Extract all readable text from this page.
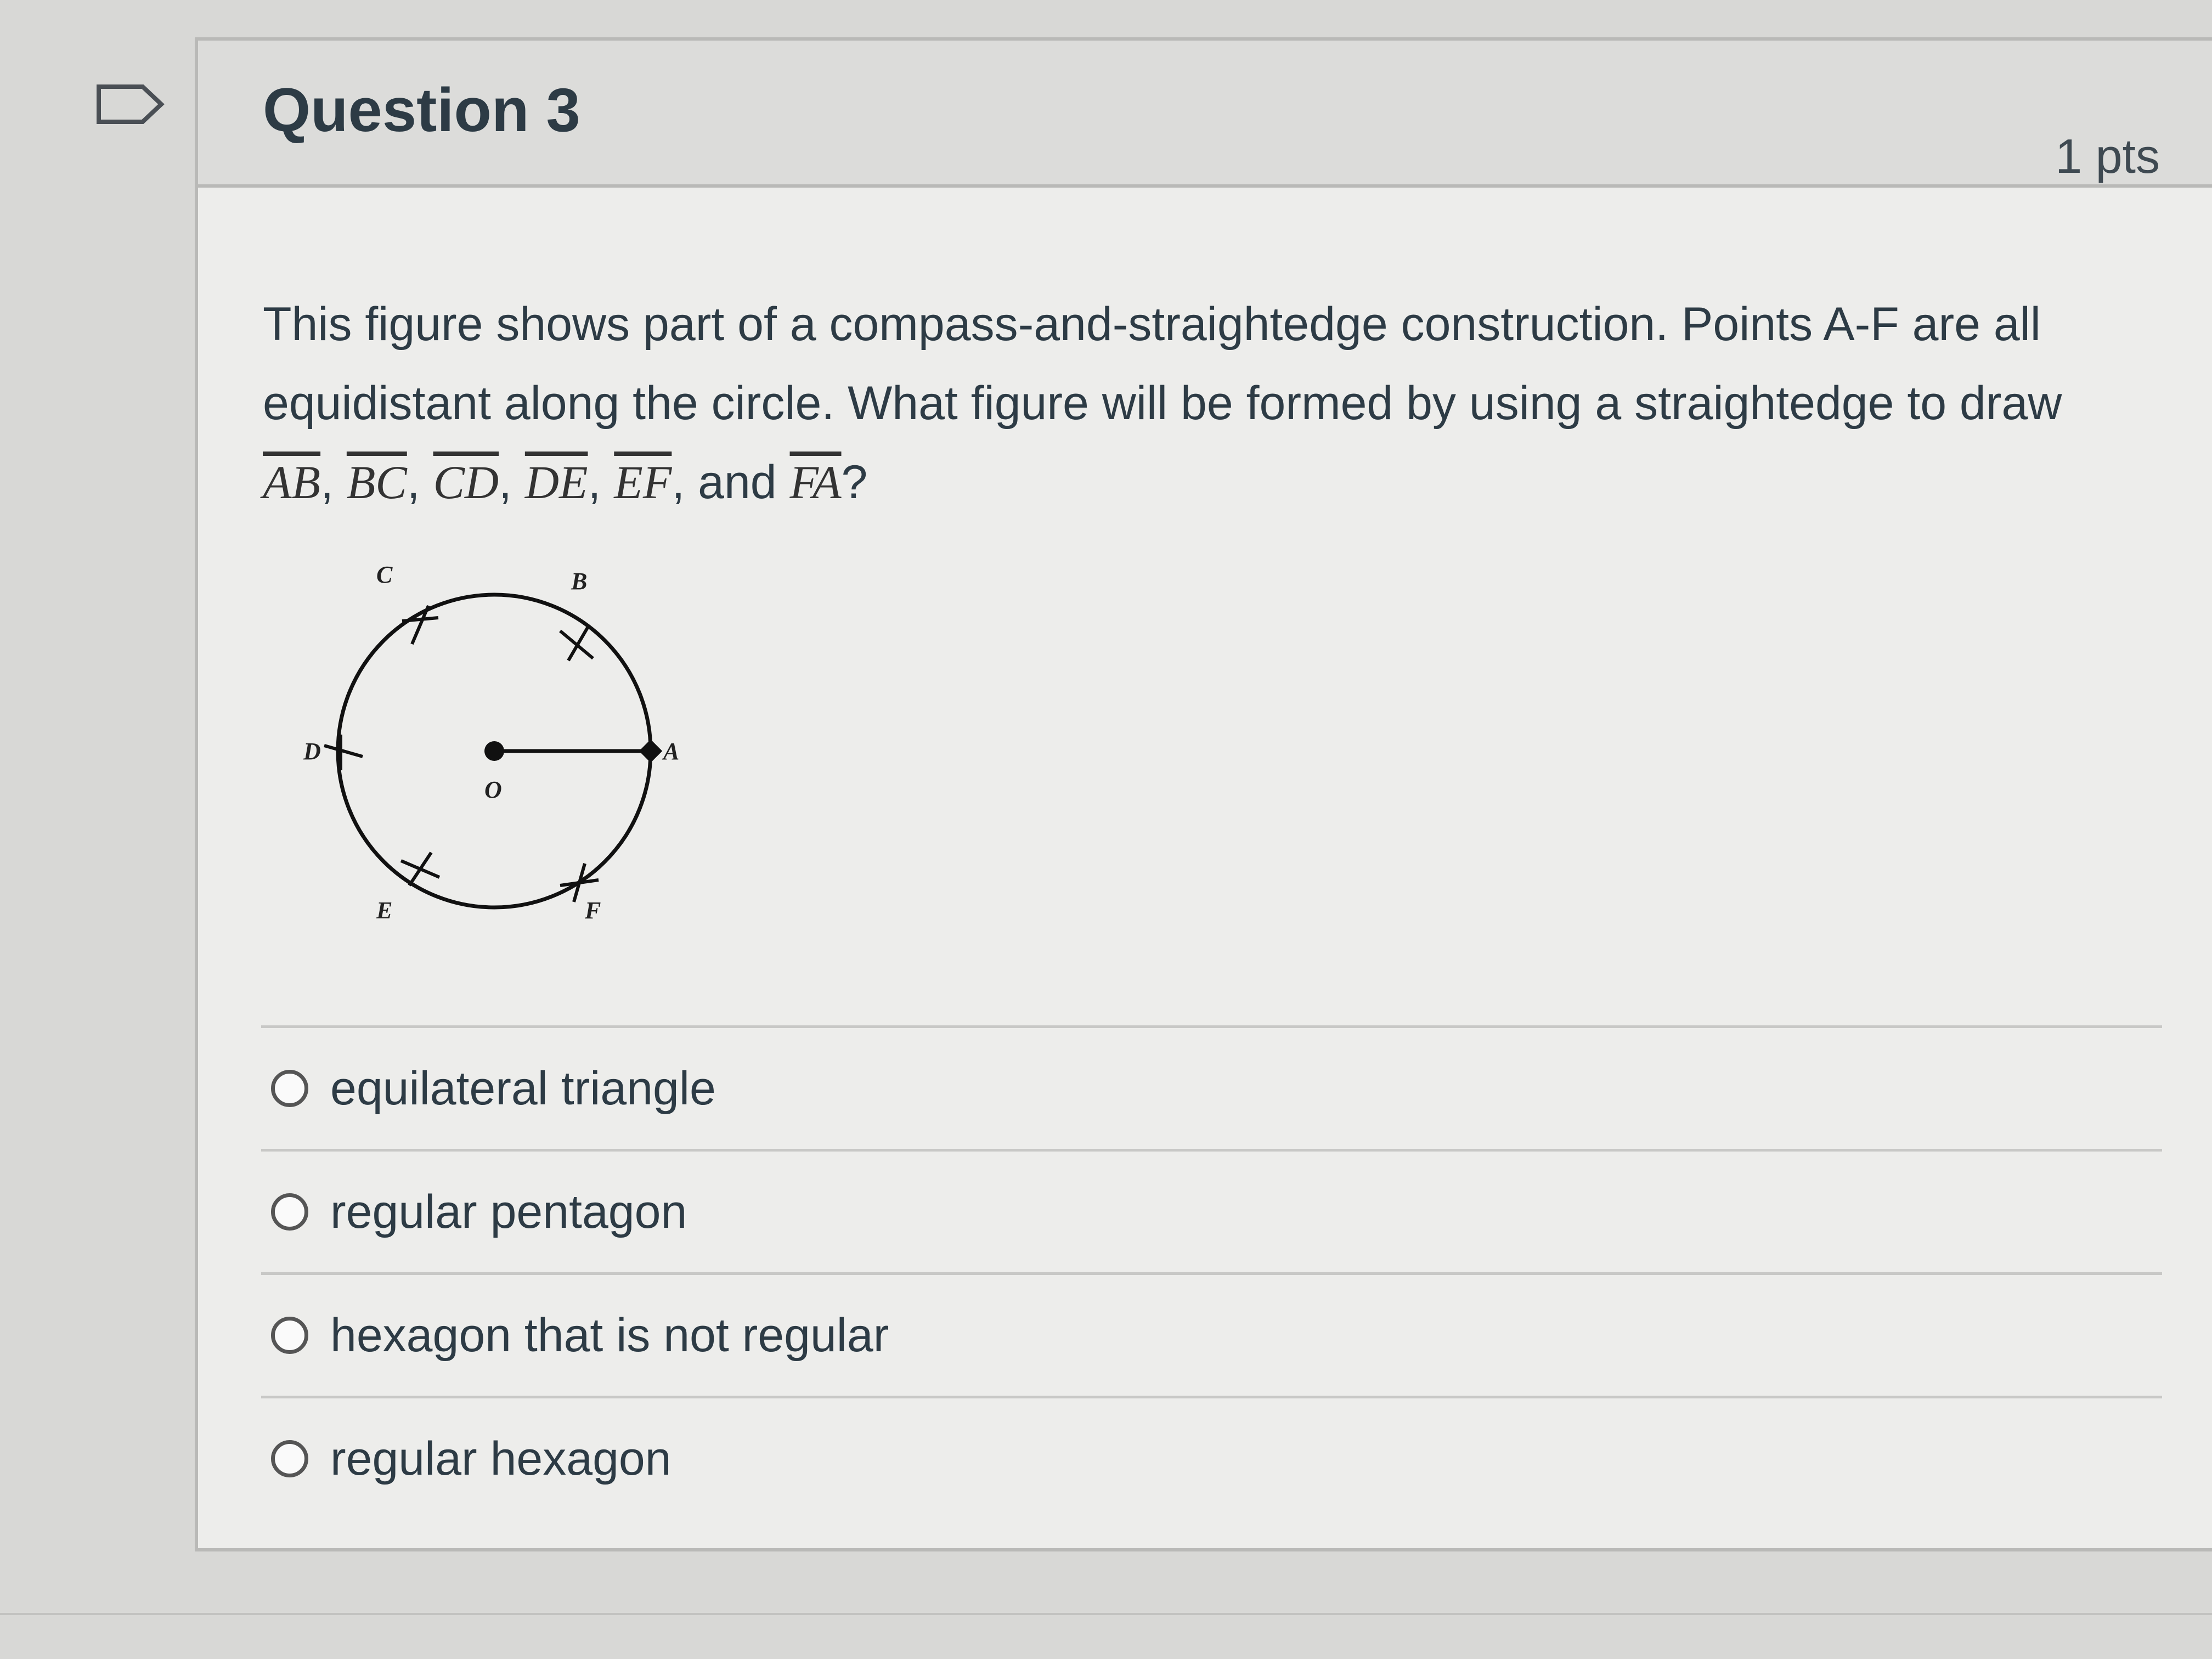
Question 3
1 pts

This figure shows part of a compass-and-straightedge construction. Points A-F are all equidistant along the circle. What figure will be formed by using a straightedge to draw
$\overline{AB}$, $\overline{BC}$, $\overline{CD}$, $\overline{DE}$, $\overline{EF}$, and $\overline{FA}$?

A
B
C
D
E	F
O
equilateral triangle
regular pentagon
hexagon that is not regular
regular hexagon
